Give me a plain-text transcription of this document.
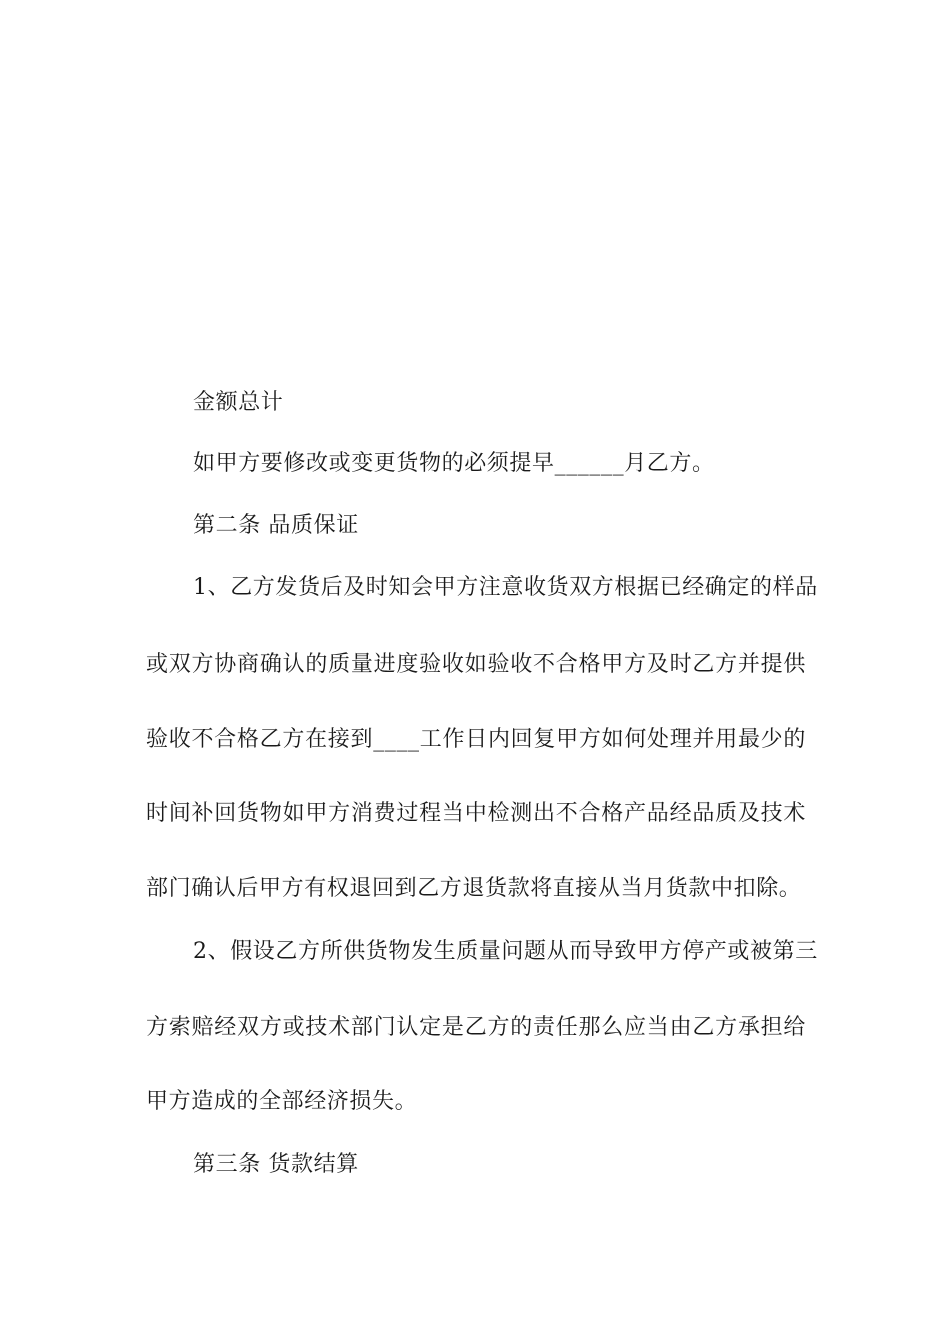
金额总计
如甲方要修改或变更货物的必须提早______月乙方。
第二条 品质保证
1、乙方发货后及时知会甲方注意收货双方根据已经确定的样品
或双方协商确认的质量进度验收如验收不合格甲方及时乙方并提供
验收不合格乙方在接到____工作日内回复甲方如何处理并用最少的
时间补回货物如甲方消费过程当中检测出不合格产品经品质及技术
部门确认后甲方有权退回到乙方退货款将直接从当月货款中扣除。
2、假设乙方所供货物发生质量问题从而导致甲方停产或被第三
方索赔经双方或技术部门认定是乙方的责任那么应当由乙方承担给
甲方造成的全部经济损失。
第三条 货款结算
